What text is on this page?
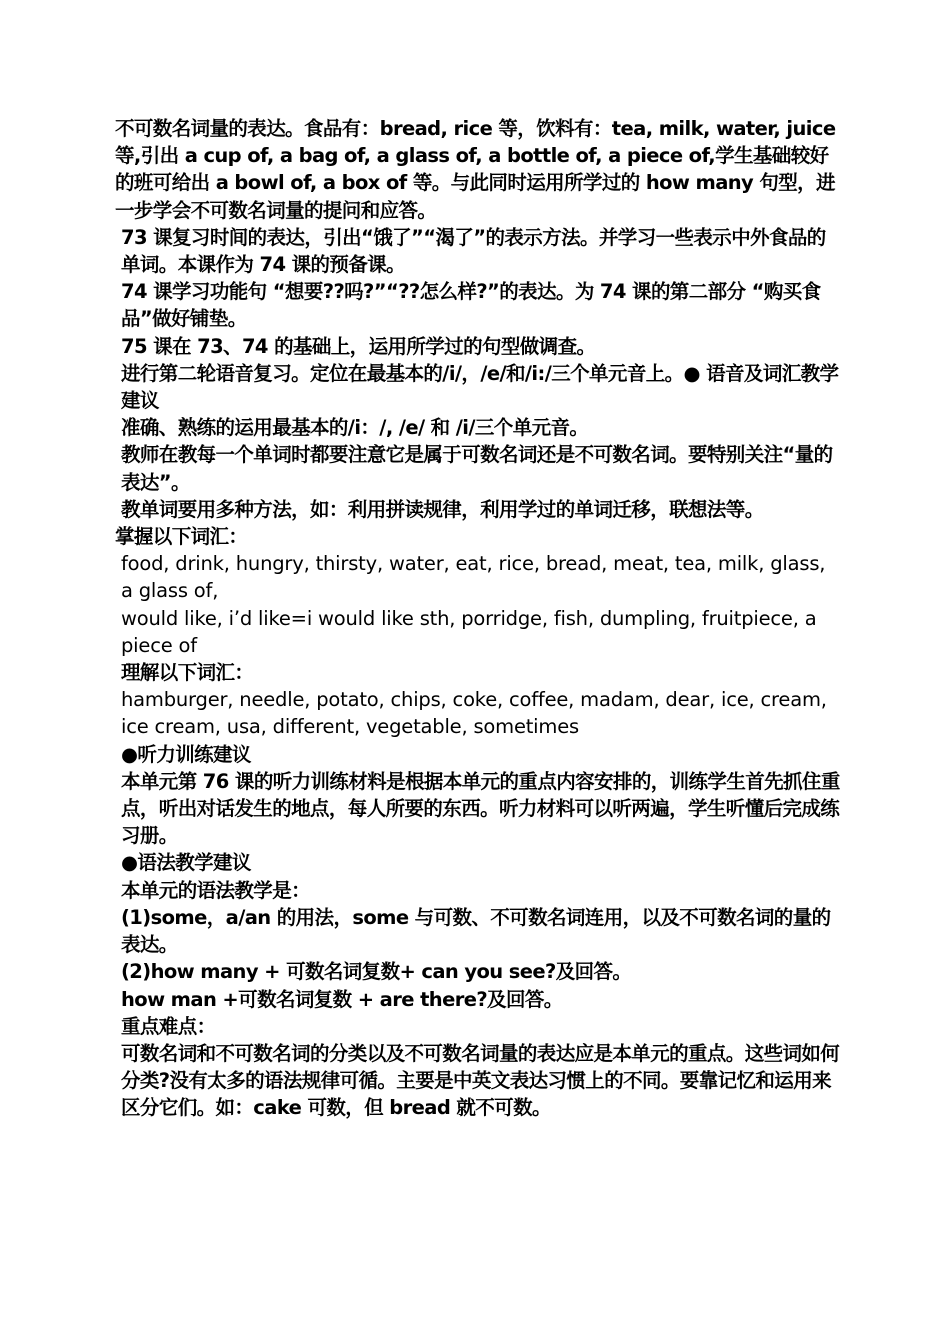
不可数名词量的表达。食品有：bread, rice 等，饮料有：tea, milk, water, juice 等,引出 a cup of, a bag of, a glass of, a bottle of, a piece of,学生基础较好的班可给出 a bowl of, a box of 等。与此同时运用所学过的 how many 句型，进一步学会不可数名词量的提问和应答。

73 课复习时间的表达，引出“饿了”“渴了”的表示方法。并学习一些表示中外食品的单词。本课作为 74 课的预备课。

74 课学习功能句 “想要??吗?”“??怎么样?”的表达。为 74 课的第二部分 “购买食品”做好铺垫。

75 课在 73、74 的基础上，运用所学过的句型做调查。

进行第二轮语音复习。定位在最基本的/i/，/e/和/i:/三个单元音上。● 语音及词汇教学建议

准确、熟练的运用最基本的/i：/, /e/ 和 /i/三个单元音。

教师在教每一个单词时都要注意它是属于可数名词还是不可数名词。要特别关注“量的表达”。

教单词要用多种方法，如：利用拼读规律，利用学过的单词迁移，联想法等。

掌握以下词汇：

food, drink, hungry, thirsty, water, eat, rice, bread, meat, tea, milk, glass, a glass of,

would like, i’d like=i would like sth, porridge, fish, dumpling, fruitpiece, a piece of

理解以下词汇：

hamburger, needle, potato, chips, coke, coffee, madam, dear, ice, cream, ice cream, usa, different, vegetable, sometimes

●听力训练建议

本单元第 76 课的听力训练材料是根据本单元的重点内容安排的，训练学生首先抓住重点，听出对话发生的地点，每人所要的东西。听力材料可以听两遍，学生听懂后完成练习册。

●语法教学建议

本单元的语法教学是：

(1)some，a/an 的用法，some 与可数、不可数名词连用，以及不可数名词的量的表达。

(2)how many + 可数名词复数+ can you see?及回答。

how man +可数名词复数 + are there?及回答。

重点难点：

可数名词和不可数名词的分类以及不可数名词量的表达应是本单元的重点。这些词如何分类?没有太多的语法规律可循。主要是中英文表达习惯上的不同。要靠记忆和运用来区分它们。如：cake 可数，但 bread 就不可数。
